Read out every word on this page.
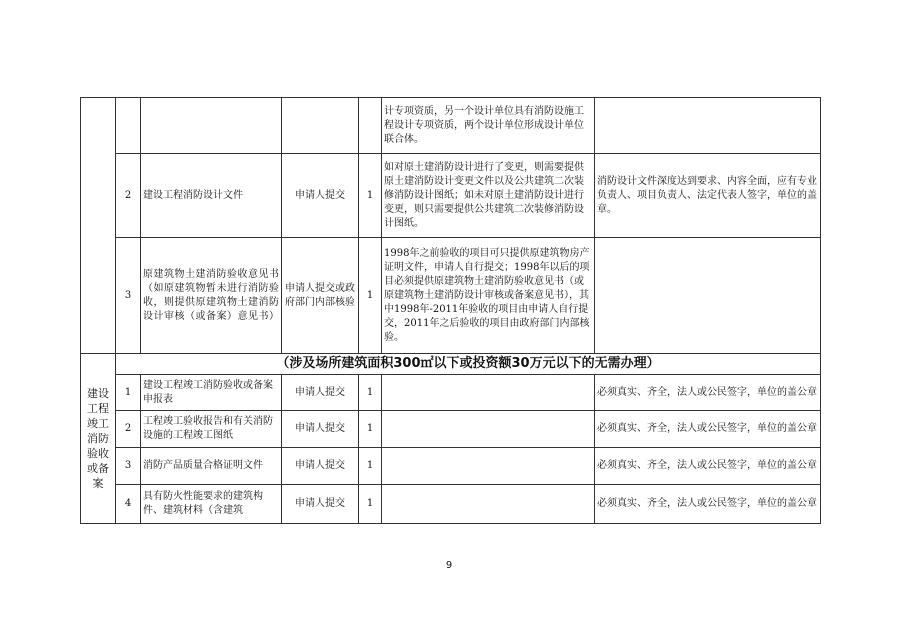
					计专项资质，另一个设计单位具有消防设施工程设计专项资质，两个设计单位形成设计单位联合体。	
	2	建设工程消防设计文件	申请人提交	1	如对原土建消防设计进行了变更，则需要提供原土建消防设计变更文件以及公共建筑二次装修消防设计图纸；如未对原土建消防设计进行变更，则只需要提供公共建筑二次装修消防设计图纸。	消防设计文件深度达到要求、内容全面，应有专业负责人、项目负责人、法定代表人签字，单位的盖章。
	3	原建筑物土建消防验收意见书（如原建筑物暂未进行消防验收，则提供原建筑物土建消防设计审核（或备案）意见书）	申请人提交或政府部门内部核验	1	1998年之前验收的项目可只提供原建筑物房产证明文件，申请人自行提交；1998年以后的项目必须提供原建筑物土建消防验收意见书（或原建筑物土建消防设计审核或备案意见书），其中1998年-2011年验收的项目由申请人自行提交，2011年之后验收的项目由政府部门内部核验。	
建设工程竣工消防验收或备案	（涉及场所建筑面积300㎡以下或投资额30万元以下的无需办理）					
	1	建设工程竣工消防验收或备案申报表	申请人提交	1		必须真实、齐全，法人或公民签字，单位的盖公章
	2	工程竣工验收报告和有关消防设施的工程竣工图纸	申请人提交	1		必须真实、齐全，法人或公民签字，单位的盖公章
	3	消防产品质量合格证明文件	申请人提交	1		必须真实、齐全，法人或公民签字，单位的盖公章
	4	具有防火性能要求的建筑构件、建筑材料（含建筑	申请人提交	1		必须真实、齐全，法人或公民签字，单位的盖公章
9
